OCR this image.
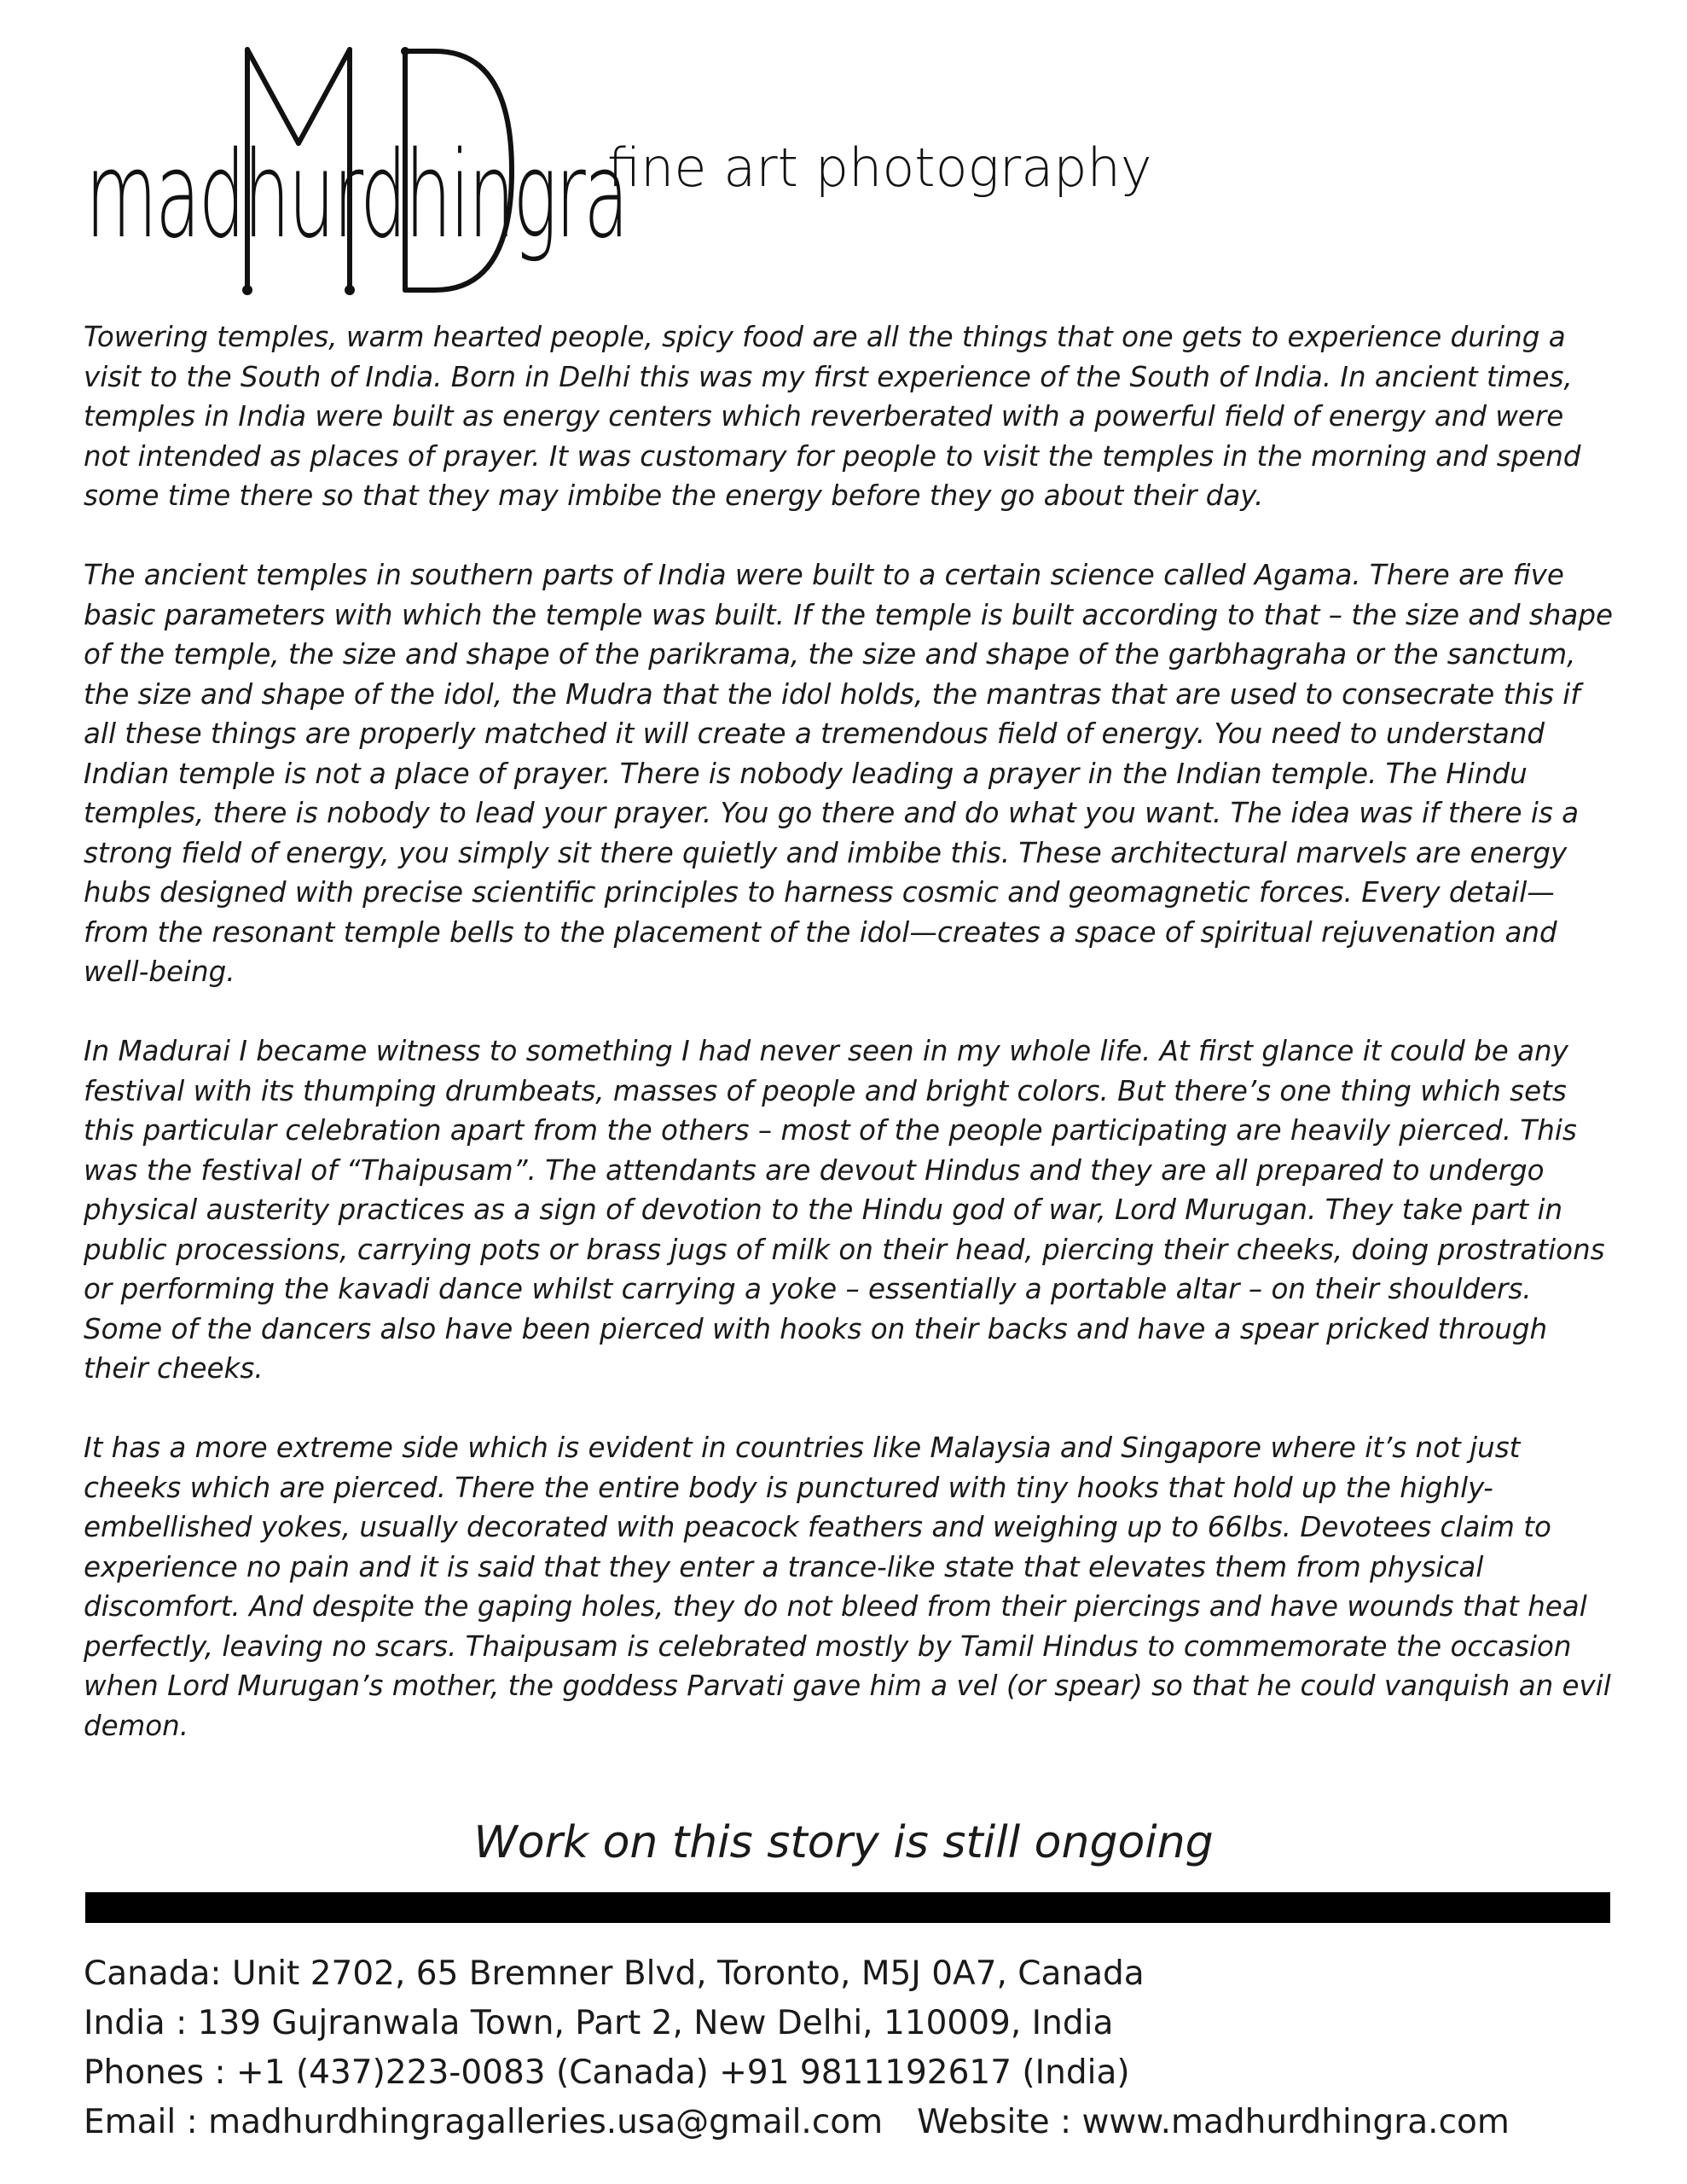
madhurdhingra
fine art photography

Towering temples, warm hearted people, spicy food are all the things that one gets to experience during a visit to the South of India. Born in Delhi this was my first experience of the South of India. In ancient times, temples in India were built as energy centers which reverberated with a powerful field of energy and were not intended as places of prayer. It was customary for people to visit the temples in the morning and spend some time there so that they may imbibe the energy before they go about their day.

The ancient temples in southern parts of India were built to a certain science called Agama. There are five basic parameters with which the temple was built. If the temple is built according to that – the size and shape of the temple, the size and shape of the parikrama, the size and shape of the garbhagraha or the sanctum, the size and shape of the idol, the Mudra that the idol holds, the mantras that are used to consecrate this if all these things are properly matched it will create a tremendous field of energy. You need to understand Indian temple is not a place of prayer. There is nobody leading a prayer in the Indian temple. The Hindu temples, there is nobody to lead your prayer. You go there and do what you want. The idea was if there is a strong field of energy, you simply sit there quietly and imbibe this. These architectural marvels are energy hubs designed with precise scientific principles to harness cosmic and geomagnetic forces. Every detail—from the resonant temple bells to the placement of the idol—creates a space of spiritual rejuvenation and well-being.

In Madurai I became witness to something I had never seen in my whole life. At first glance it could be any festival with its thumping drumbeats, masses of people and bright colors. But there’s one thing which sets this particular celebration apart from the others – most of the people participating are heavily pierced. This was the festival of “Thaipusam”. The attendants are devout Hindus and they are all prepared to undergo physical austerity practices as a sign of devotion to the Hindu god of war, Lord Murugan. They take part in public processions, carrying pots or brass jugs of milk on their head, piercing their cheeks, doing prostrations or performing the kavadi dance whilst carrying a yoke – essentially a portable altar – on their shoulders. Some of the dancers also have been pierced with hooks on their backs and have a spear pricked through their cheeks.

It has a more extreme side which is evident in countries like Malaysia and Singapore where it’s not just cheeks which are pierced. There the entire body is punctured with tiny hooks that hold up the highly-embellished yokes, usually decorated with peacock feathers and weighing up to 66lbs. Devotees claim to experience no pain and it is said that they enter a trance-like state that elevates them from physical discomfort. And despite the gaping holes, they do not bleed from their piercings and have wounds that heal perfectly, leaving no scars. Thaipusam is celebrated mostly by Tamil Hindus to commemorate the occasion when Lord Murugan’s mother, the goddess Parvati gave him a vel (or spear) so that he could vanquish an evil demon.

Work on this story is still ongoing
Canada: Unit 2702, 65 Bremner Blvd, Toronto, M5J 0A7, Canada
India : 139 Gujranwala Town, Part 2, New Delhi, 110009, India
Phones : +1 (437)223-0083 (Canada) +91 9811192617 (India)
Email : madhurdhingragalleries.usa@gmail.com Website : www.madhurdhingra.com
